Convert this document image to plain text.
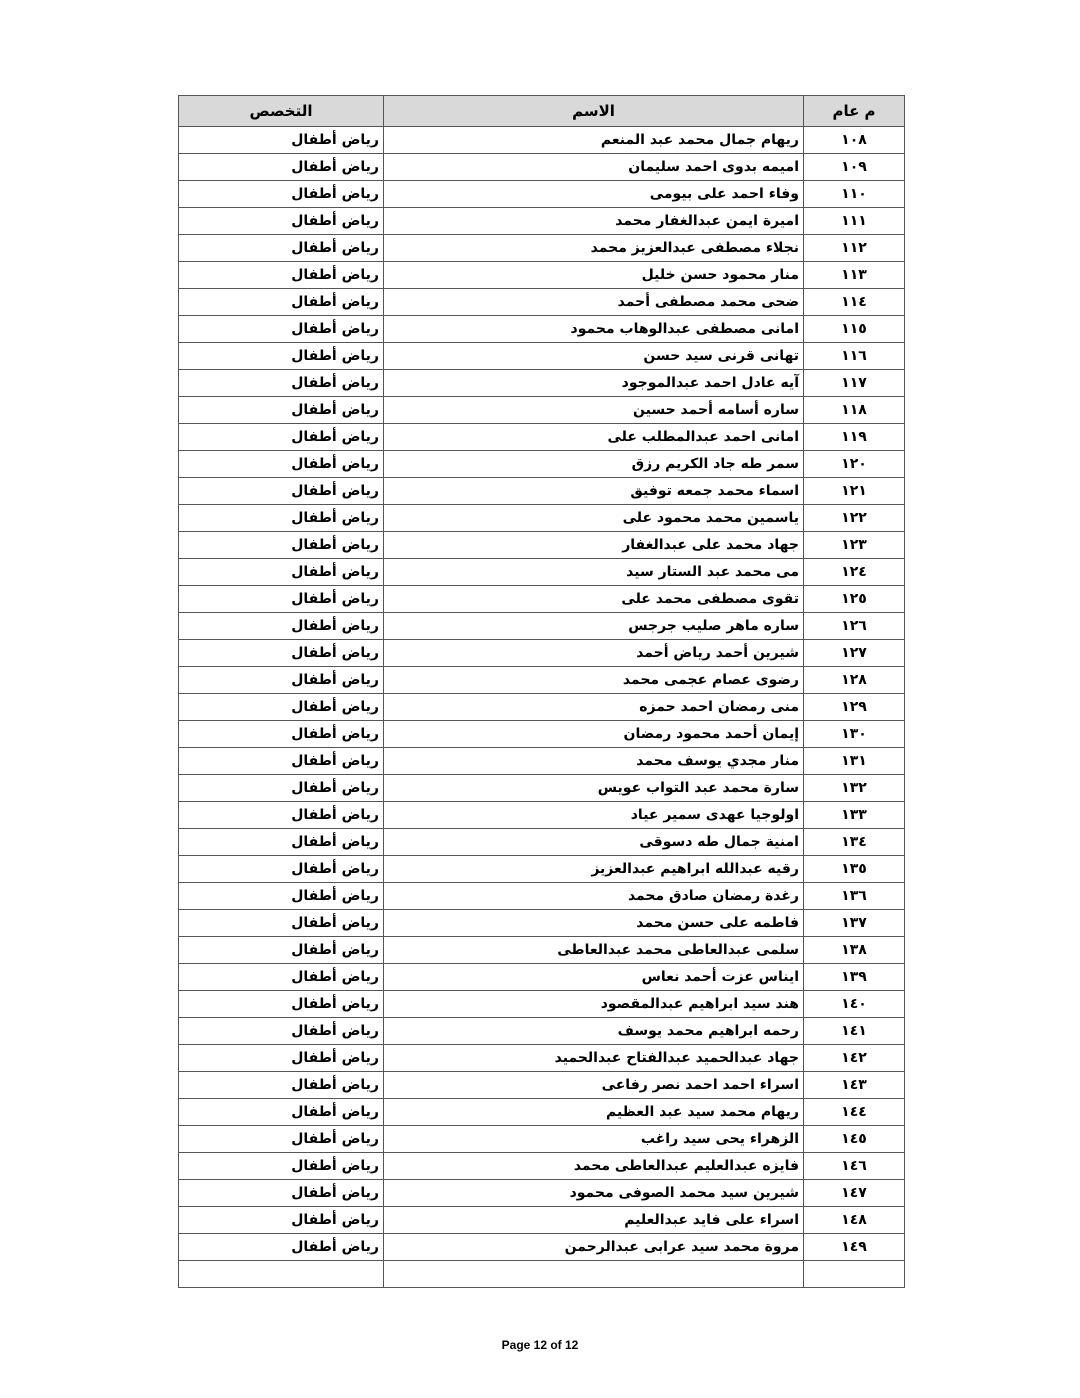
م عام	الاسم	التخصص
١٠٨	ريهام جمال محمد عبد المنعم	رياض أطفال
١٠٩	اميمه بدوى احمد سليمان	رياض أطفال
١١٠	وفاء احمد على بيومى	رياض أطفال
١١١	اميرة ايمن عبدالغفار محمد	رياض أطفال
١١٢	نجلاء مصطفى عبدالعزيز محمد	رياض أطفال
١١٣	منار محمود حسن خليل	رياض أطفال
١١٤	ضحى محمد مصطفى أحمد	رياض أطفال
١١٥	امانى مصطفى عبدالوهاب محمود	رياض أطفال
١١٦	تهانى قرنى سيد حسن	رياض أطفال
١١٧	آيه عادل احمد عبدالموجود	رياض أطفال
١١٨	ساره أسامه أحمد حسين	رياض أطفال
١١٩	امانى احمد عبدالمطلب على	رياض أطفال
١٢٠	سمر طه جاد الكريم رزق	رياض أطفال
١٢١	اسماء محمد جمعه توفيق	رياض أطفال
١٢٢	ياسمين محمد محمود على	رياض أطفال
١٢٣	جهاد محمد على عبدالغفار	رياض أطفال
١٢٤	مى محمد عبد الستار سيد	رياض أطفال
١٢٥	تقوى مصطفى محمد على	رياض أطفال
١٢٦	ساره ماهر صليب جرجس	رياض أطفال
١٢٧	شيرين أحمد رياض أحمد	رياض أطفال
١٢٨	رضوى عصام عجمى محمد	رياض أطفال
١٢٩	منى رمضان احمد حمزه	رياض أطفال
١٣٠	إيمان أحمد محمود رمضان	رياض أطفال
١٣١	منار مجدي يوسف محمد	رياض أطفال
١٣٢	سارة محمد عبد التواب عويس	رياض أطفال
١٣٣	اولوجيا عهدى سمير عياد	رياض أطفال
١٣٤	امنية جمال طه دسوقى	رياض أطفال
١٣٥	رقيه عبدالله ابراهيم عبدالعزيز	رياض أطفال
١٣٦	رغدة رمضان صادق محمد	رياض أطفال
١٣٧	فاطمه على حسن محمد	رياض أطفال
١٣٨	سلمى عبدالعاطى محمد عبدالعاطى	رياض أطفال
١٣٩	ايناس عزت أحمد نعاس	رياض أطفال
١٤٠	هند سيد ابراهيم عبدالمقصود	رياض أطفال
١٤١	رحمه ابراهيم محمد يوسف	رياض أطفال
١٤٢	جهاد عبدالحميد عبدالفتاح عبدالحميد	رياض أطفال
١٤٣	اسراء احمد احمد نصر رفاعى	رياض أطفال
١٤٤	ريهام محمد سيد عبد العظيم	رياض أطفال
١٤٥	الزهراء يحى سيد راغب	رياض أطفال
١٤٦	فايزه عبدالعليم عبدالعاطى محمد	رياض أطفال
١٤٧	شيرين سيد محمد الصوفى محمود	رياض أطفال
١٤٨	اسراء على فايد عبدالعليم	رياض أطفال
١٤٩	مروة محمد سيد عرابى عبدالرحمن	رياض أطفال

Page 12 of 12
